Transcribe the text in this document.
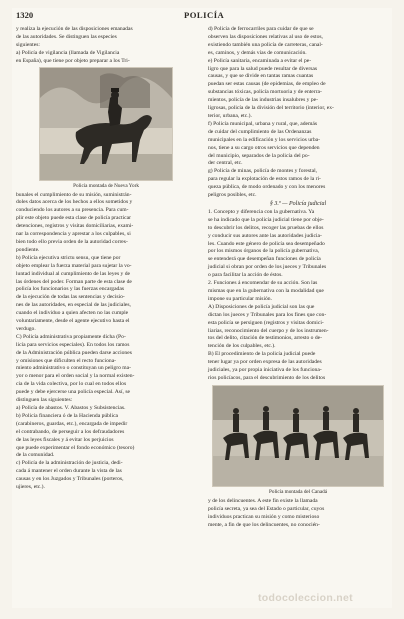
1320	POLICÍA

y realiza la ejecución de las disposiciones emanadas

de las autoridades. Se distinguen las especies

siguientes:

a) Policía de vigilancia (llamada de Vigilancia

en España), que tiene por objeto preparar a los Tri-

Policía montada de Nueva York

bunales el cumplimiento de su misión, suministrán-

doles datos acerca de los hechos a ellos sometidos y

conduciendo los autores a su presencia. Para cum-

plir este objeto puede esta clase de policía practicar

detenciones, registros y visitas domiciliarias, exami-

nar la correspondencia y aprestar a los culpables, si

bien todo ello previa orden de la autoridad corres-

pondiente.

b) Policía ejecutiva strictu sensu, que tiene por

objeto emplear la fuerza material para sujetar la vo-

luntad individual al cumplimiento de las leyes y de

las órdenes del poder. Forman parte de esta clase de

policía los funcionarios y las fuerzas encargadas

de la ejecución de todas las sentencias y decisio-

nes de las autoridades, en especial de las judiciales,

cuando el individuo a quien afecten no las cumple

voluntariamente, desde el agente ejecutivo hasta el

verdugo.

C) Policía administrativa propiamente dicha (Po-

licía para servicios especiales). En todos los ramos

de la Administración pública pueden darse acciones

y omisiones que dificulten el recto funciona-

miento administrativo o constituyan un peligro ma-

yor o menor para el orden social y la normal existen-

cia de la vida colectiva, por lo cual en todos ellos

puede y debe ejercerse una policía especial. Así, se

distinguen las siguientes:

a) Policía de abastos. V. Abastos y Subsistencias.

b) Policía financiera ó de la Hacienda pública

(carabineros, guardas, etc.), encargada de impedir

el contrabando, de perseguir a los defraudadores

de las leyes fiscales y á evitar los perjuicios

que puede experimentar el fondo económico (tesoro)

de la comunidad.

c) Policía de la administración de justicia, dedi-

cada á mantener el orden durante la vista de las

causas y en los Juzgados y Tribunales (porteros,

ujieres, etc.).

d) Policía de ferrocarriles para cuidar de que se

observen las disposiciones relativas al uso de estos,

existiendo también una policía de carreteras, canal-

es, caminos, y demás vías de comunicación.

e) Policía sanitaria, encaminada a evitar el pe-

ligro que para la salud puede resultar de diversas

causas, y que se divide en tantas ramas cuantas

puedan ser estas causas (de epidemias, de empleo de

substancias tóxicas, policía mortuoria y de enterra-

mientos, policía de las industrias insalubres y pe-

ligrosas, policía de la división del territorio (interior, ex-

terior, urbana, etc.).

f) Policía municipal, urbana y rural, que, además

de cuidar del cumplimiento de las Ordenanzas

municipales en la edificación y los servicios urba-

nos, tiene a su cargo otros servicios que dependen

del municipio, separados de la policía del po-

der central, etc.

g) Policía de minas, policía de montes y forestal,

para regular la explotación de estos ramos de la ri-

queza pública, de modo ordenado y con los menores

peligros posibles, etc.

§ 3.º — Policía judicial

1. Concepto y diferencia con la gubernativa. Ya

se ha indicado que la policía judicial tiene por obje-

to descubrir los delitos, recoger las pruebas de ellos

y conducir sus autores ante las autoridades judicia-

les. Cuando este género de policía sea desempeñado

por los mismos órganos de la policía gubernativa,

se entenderá que desempeñan funciones de policía

judicial si obran por orden de los jueces y Tribunales

o para facilitar la acción de éstos.

2. Funciones á encomendar de su acción. Son las

mismas que en la gubernativa con la modalidad que

impone su particular misión.

A) Disposiciones de policía judicial son las que

dictan los jueces y Tribunales para los fines que con-

esta policía se persiguen (registros y visitas domici-

liarias, reconocimiento del cuerpo y de los instrumen-

tos del delito, citación de testimonios, arresto o de-

tención de los culpables, etc.).

B) El procedimiento de la policía judicial puede

tener lugar ya por orden expresa de las autoridades

judiciales, ya por propia iniciativa de los funciona-

rios policíacos, para el descubrimiento de los delitos

Policía montada del Canadá

y de los delincuentes. A este fin existe la llamada

policía secreta, ya sea del Estado o particular, cuyos

individuos practican su misión y como misterioso

mente, a fin de que los delincuentes, no conocién-

todocoleccion.net
